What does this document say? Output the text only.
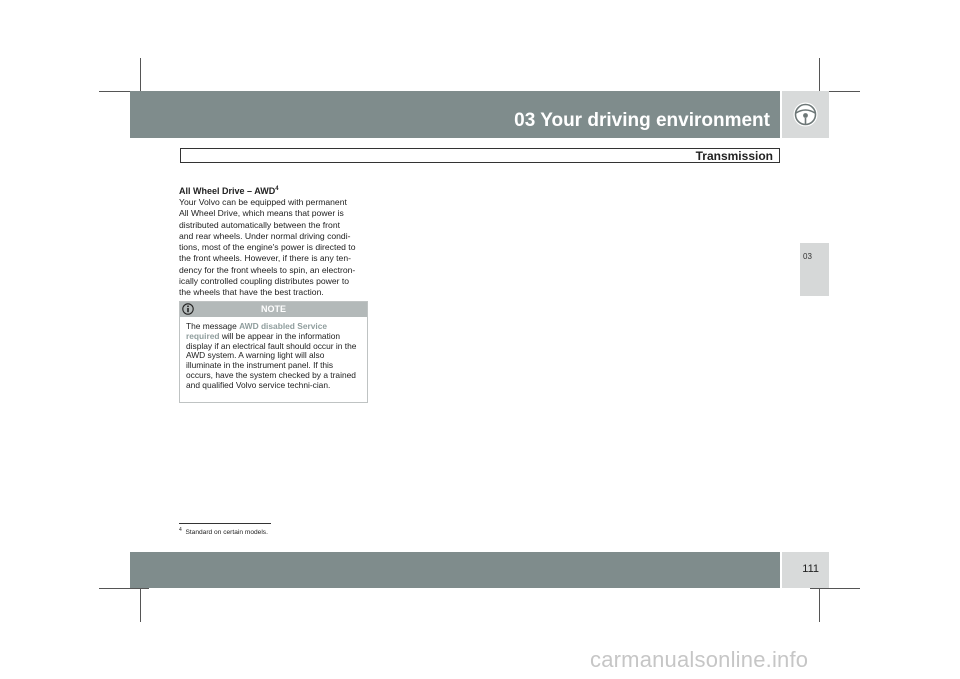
03 Your driving environment
Transmission
03
All Wheel Drive – AWD$^4$

Your Volvo can be equipped with permanent
All Wheel Drive, which means that power is
distributed automatically between the front
and rear wheels. Under normal driving condi-
tions, most of the engine's power is directed to
the front wheels. However, if there is any ten-
dency for the front wheels to spin, an electron-
ically controlled coupling distributes power to
the wheels that have the best traction.

NOTE

The message AWD disabled Service required will be appear in the information display if an electrical fault should occur in the AWD system. A warning light will also illuminate in the instrument panel. If this occurs, have the system checked by a trained and qualified Volvo service techni-cian.

$^4$ Standard on certain models.
111
carmanualsonline.info
